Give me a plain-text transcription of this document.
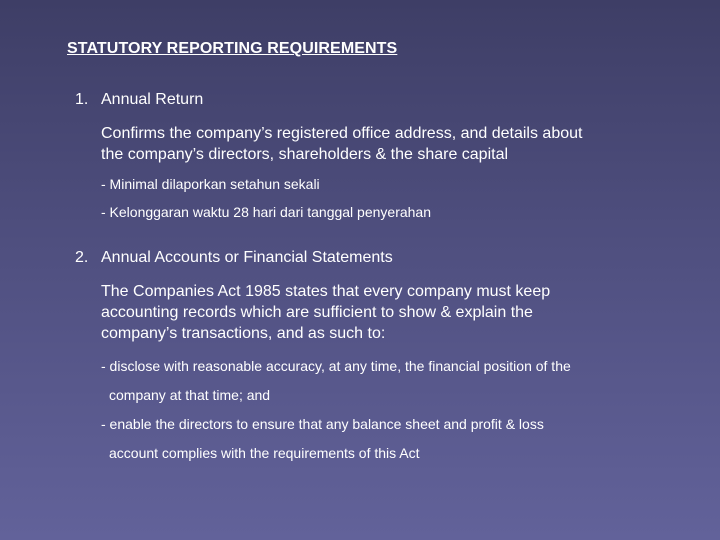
STATUTORY REPORTING REQUIREMENTS
1. Annual Return
Confirms the company’s registered office address, and details about
the company’s directors, shareholders & the share capital
- Minimal dilaporkan setahun sekali
- Kelonggaran waktu 28 hari dari tanggal penyerahan
2. Annual Accounts or Financial Statements
The Companies Act 1985 states that every company must keep
accounting records which are sufficient to show & explain the
company’s transactions, and as such to:
- disclose with reasonable accuracy, at any time, the financial position of the
company at that time; and
- enable the directors to ensure that any balance sheet and profit & loss
account complies with the requirements of this Act
